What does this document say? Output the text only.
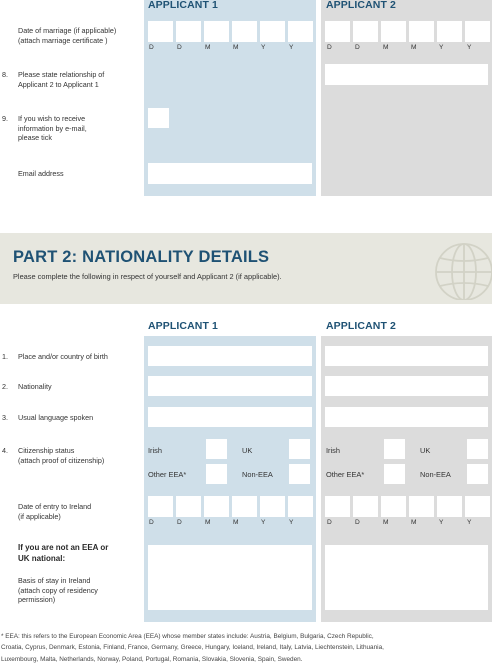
APPLICANT 1	APPLICANT 2
Date of marriage (if applicable)
(attach marriage certificate )
D	D	M	M	Y	Y	D	D	M	M	Y	Y
8. Please state relationship of
Applicant 2 to Applicant 1
9. If you wish to receive
information by e-mail,
please tick
Email address
PART 2: NATIONALITY DETAILS
Please complete the following in respect of yourself and Applicant 2 (if applicable).
APPLICANT 1	APPLICANT 2
1. Place and/or country of birth
2. Nationality
3. Usual language spoken
4. Citizenship status
(attach proof of citizenship)
Irish	UK
Other EEA*	Non-EEA
Irish	UK
Other EEA*	Non-EEA
Date of entry to Ireland
(if applicable)
D	D	M	M	Y	Y	D	D	M	M	Y	Y
If you are not an EEA or
UK national:
Basis of stay in Ireland
(attach copy of residency
permission)
* EEA: this refers to the European Economic Area (EEA) whose member states include: Austria, Belgium, Bulgaria, Czech Republic,
Croatia, Cyprus, Denmark, Estonia, Finland, France, Germany, Greece, Hungary, Iceland, Ireland, Italy, Latvia, Liechtenstein, Lithuania,
Luxembourg, Malta, Netherlands, Norway, Poland, Portugal, Romania, Slovakia, Slovenia, Spain, Sweden.
